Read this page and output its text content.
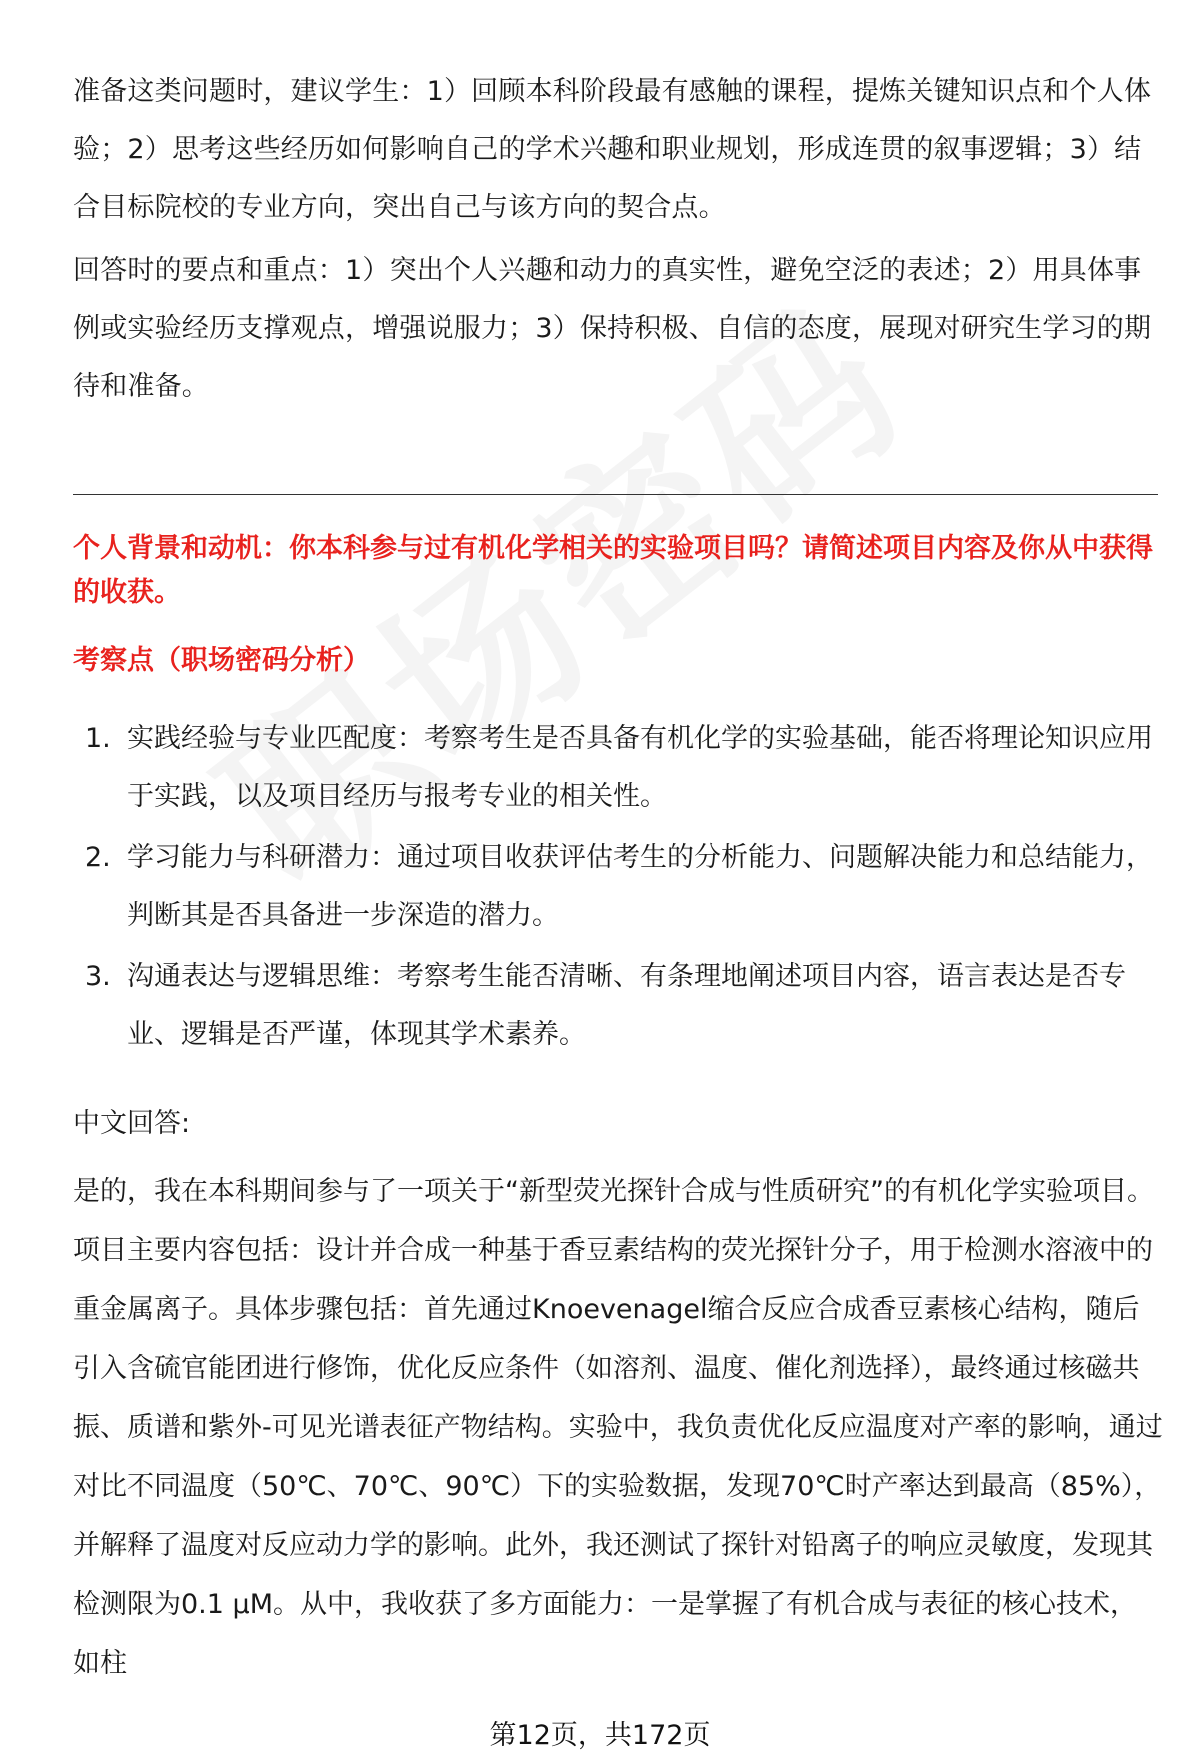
准备这类问题时，建议学生：1）回顾本科阶段最有感触的课程，提炼关键知识点和个人体验；2）思考这些经历如何影响自己的学术兴趣和职业规划，形成连贯的叙事逻辑；3）结合目标院校的专业方向，突出自己与该方向的契合点。

回答时的要点和重点：1）突出个人兴趣和动力的真实性，避免空泛的表述；2）用具体事例或实验经历支撑观点，增强说服力；3）保持积极、自信的态度，展现对研究生学习的期待和准备。

个人背景和动机：你本科参与过有机化学相关的实验项目吗？请简述项目内容及你从中获得的收获。

考察点（职场密码分析）

1. 实践经验与专业匹配度：考察考生是否具备有机化学的实验基础，能否将理论知识应用于实践，以及项目经历与报考专业的相关性。
2. 学习能力与科研潜力：通过项目收获评估考生的分析能力、问题解决能力和总结能力，判断其是否具备进一步深造的潜力。
3. 沟通表达与逻辑思维：考察考生能否清晰、有条理地阐述项目内容，语言表达是否专业、逻辑是否严谨，体现其学术素养。

中文回答:

是的，我在本科期间参与了一项关于“新型荧光探针合成与性质研究”的有机化学实验项目。项目主要内容包括：设计并合成一种基于香豆素结构的荧光探针分子，用于检测水溶液中的重金属离子。具体步骤包括：首先通过Knoevenagel缩合反应合成香豆素核心结构，随后引入含硫官能团进行修饰，优化反应条件（如溶剂、温度、催化剂选择），最终通过核磁共振、质谱和紫外-可见光谱表征产物结构。实验中，我负责优化反应温度对产率的影响，通过对比不同温度（50℃、70℃、90℃）下的实验数据，发现70℃时产率达到最高（85%），并解释了温度对反应动力学的影响。此外，我还测试了探针对铅离子的响应灵敏度，发现其检测限为0.1 μM。从中，我收获了多方面能力：一是掌握了有机合成与表征的核心技术，如柱

第12页，共172页
